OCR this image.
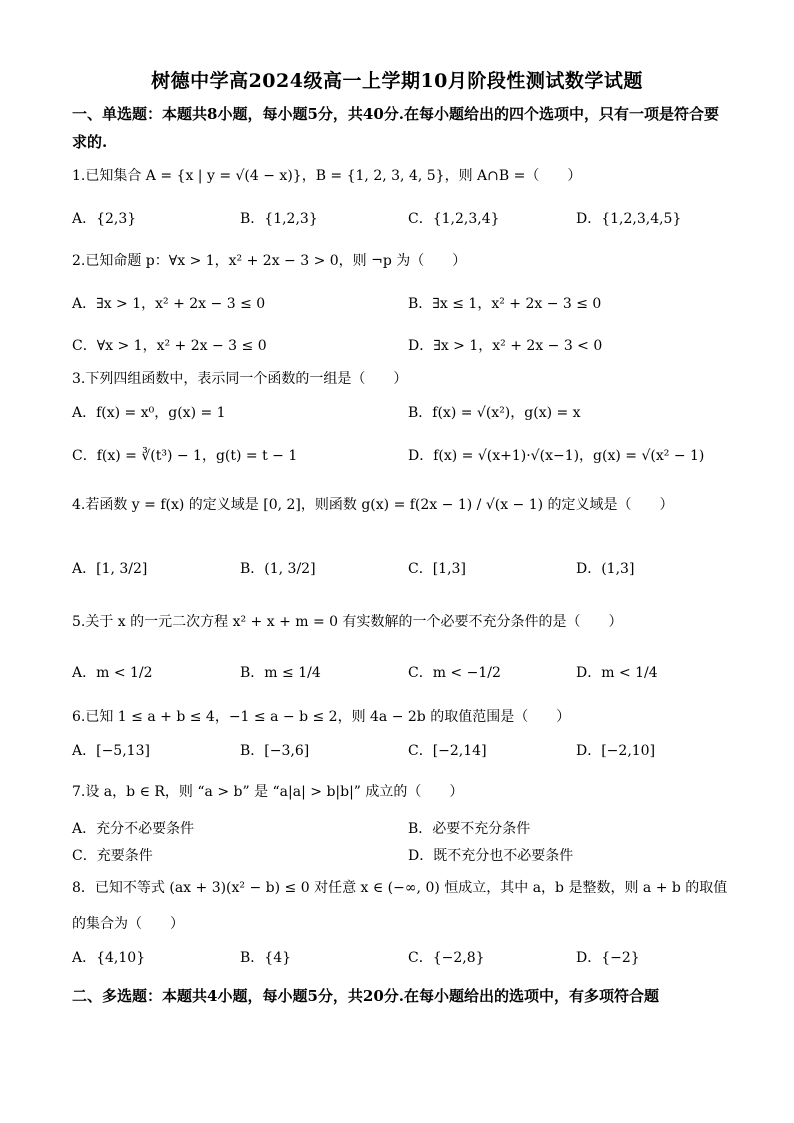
树德中学高2024级高一上学期10月阶段性测试数学试题
一、单选题：本题共8小题，每小题5分，共40分.在每小题给出的四个选项中，只有一项是符合要求的.
1.已知集合 A = {x | y = √(4 − x)}，B = {1, 2, 3, 4, 5}，则 A∩B =（　　）
A．{2,3}	B．{1,2,3}	C．{1,2,3,4}	D．{1,2,3,4,5}
2.已知命题 p：∀x > 1，x² + 2x − 3 > 0，则 ¬p 为（　　）
A．∃x > 1，x² + 2x − 3 ≤ 0	B．∃x ≤ 1，x² + 2x − 3 ≤ 0
C．∀x > 1，x² + 2x − 3 ≤ 0	D．∃x > 1，x² + 2x − 3 < 0
3.下列四组函数中，表示同一个函数的一组是（　　）
A．f(x) = x⁰，g(x) = 1	B．f(x) = √(x²)，g(x) = x
C．f(x) = ∛(t³) − 1，g(t) = t − 1	D．f(x) = √(x+1)·√(x−1)，g(x) = √(x² − 1)
4.若函数 y = f(x) 的定义域是 [0, 2]，则函数 g(x) = f(2x − 1) / √(x − 1) 的定义域是（　　）
A．[1, 3/2]	B．(1, 3/2]	C．[1,3]	D．(1,3]
5.关于 x 的一元二次方程 x² + x + m = 0 有实数解的一个必要不充分条件的是（　　）
A．m < 1/2	B．m ≤ 1/4	C．m < −1/2	D．m < 1/4
6.已知 1 ≤ a + b ≤ 4，−1 ≤ a − b ≤ 2，则 4a − 2b 的取值范围是（　　）
A．[−5,13]	B．[−3,6]	C．[−2,14]	D．[−2,10]
7.设 a，b ∈ R，则 “a > b” 是 “a|a| > b|b|” 成立的（　　）
A．充分不必要条件	B．必要不充分条件
C．充要条件	D．既不充分也不必要条件
8．已知不等式 (ax + 3)(x² − b) ≤ 0 对任意 x ∈ (−∞, 0) 恒成立，其中 a，b 是整数，则 a + b 的取值的集合为（　　）
A．{4,10}	B．{4}	C．{−2,8}	D．{−2}
二、多选题：本题共4小题，每小题5分，共20分.在每小题给出的选项中，有多项符合题
